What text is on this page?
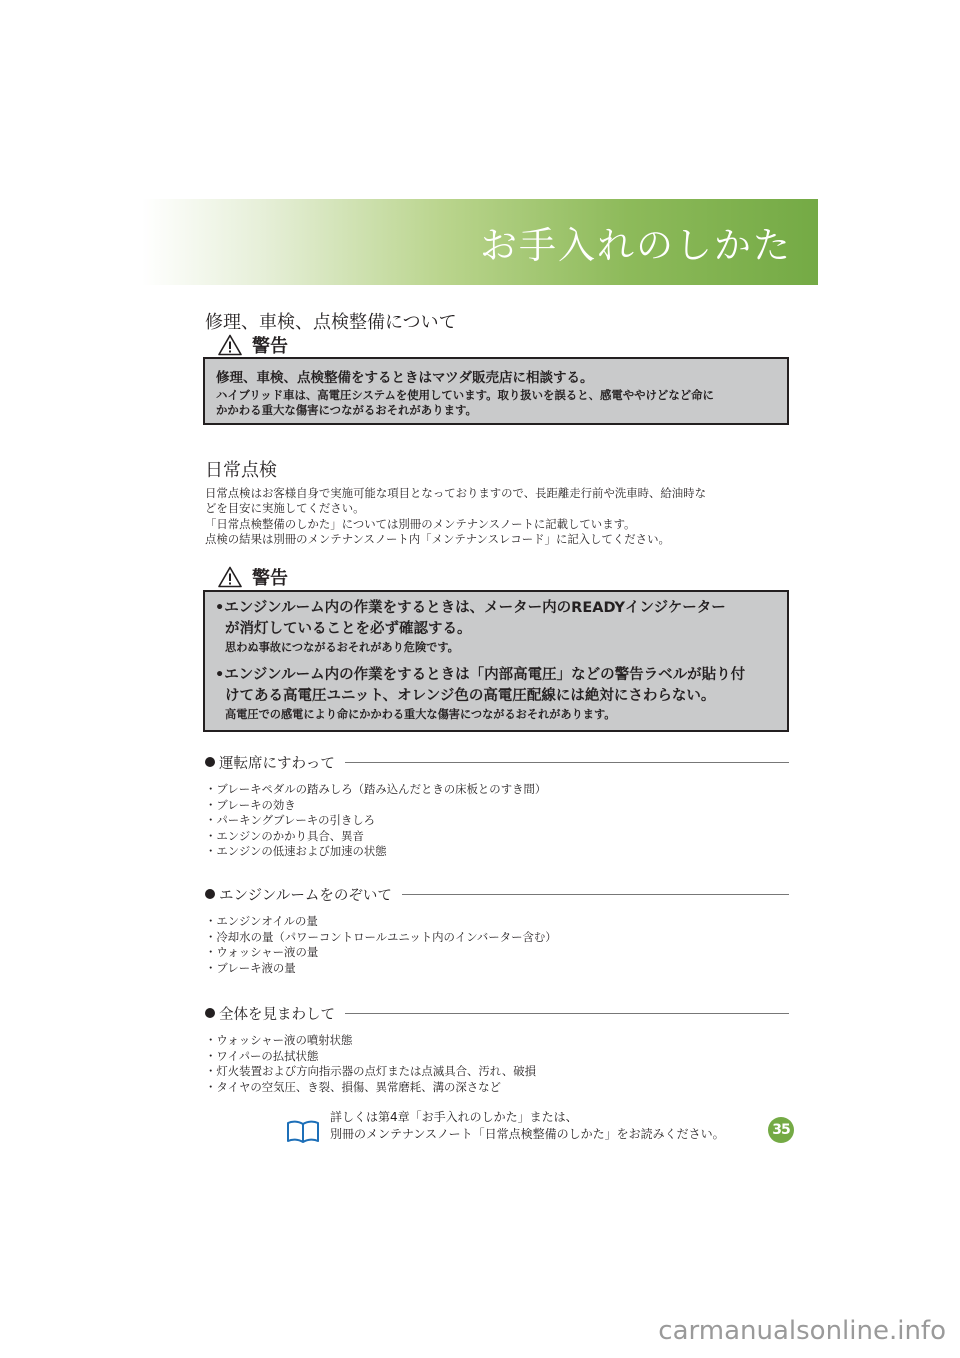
お手入れのしかた
修理、車検、点検整備について
警告
修理、車検、点検整備をするときはマツダ販売店に相談する。
ハイブリッド車は、高電圧システムを使用しています。取り扱いを誤ると、感電ややけどなど命に
かかわる重大な傷害につながるおそれがあります。
日常点検
日常点検はお客様自身で実施可能な項目となっておりますので、長距離走行前や洗車時、給油時な
どを目安に実施してください。
「日常点検整備のしかた」については別冊のメンテナンスノートに記載しています。
点検の結果は別冊のメンテナンスノート内「メンテナンスレコード」に記入してください。
警告
•エンジンルーム内の作業をするときは、メーター内のREADYインジケーター
が消灯していることを必ず確認する。
思わぬ事故につながるおそれがあり危険です。
•エンジンルーム内の作業をするときは「内部高電圧」などの警告ラベルが貼り付
けてある高電圧ユニット、オレンジ色の高電圧配線には絶対にさわらない。
高電圧での感電により命にかかわる重大な傷害につながるおそれがあります。
運転席にすわって
・ブレーキペダルの踏みしろ（踏み込んだときの床板とのすき間）
・ブレーキの効き
・パーキングブレーキの引きしろ
・エンジンのかかり具合、異音
・エンジンの低速および加速の状態
エンジンルームをのぞいて
・エンジンオイルの量
・冷却水の量（パワーコントロールユニット内のインバーター含む）
・ウォッシャー液の量
・ブレーキ液の量
全体を見まわして
・ウォッシャー液の噴射状態
・ワイパーの払拭状態
・灯火装置および方向指示器の点灯または点滅具合、汚れ、破損
・タイヤの空気圧、き裂、損傷、異常磨耗、溝の深さなど
詳しくは第4章「お手入れのしかた」または、
別冊のメンテナンスノート「日常点検整備のしかた」をお読みください。	35
carmanualsonline.info
